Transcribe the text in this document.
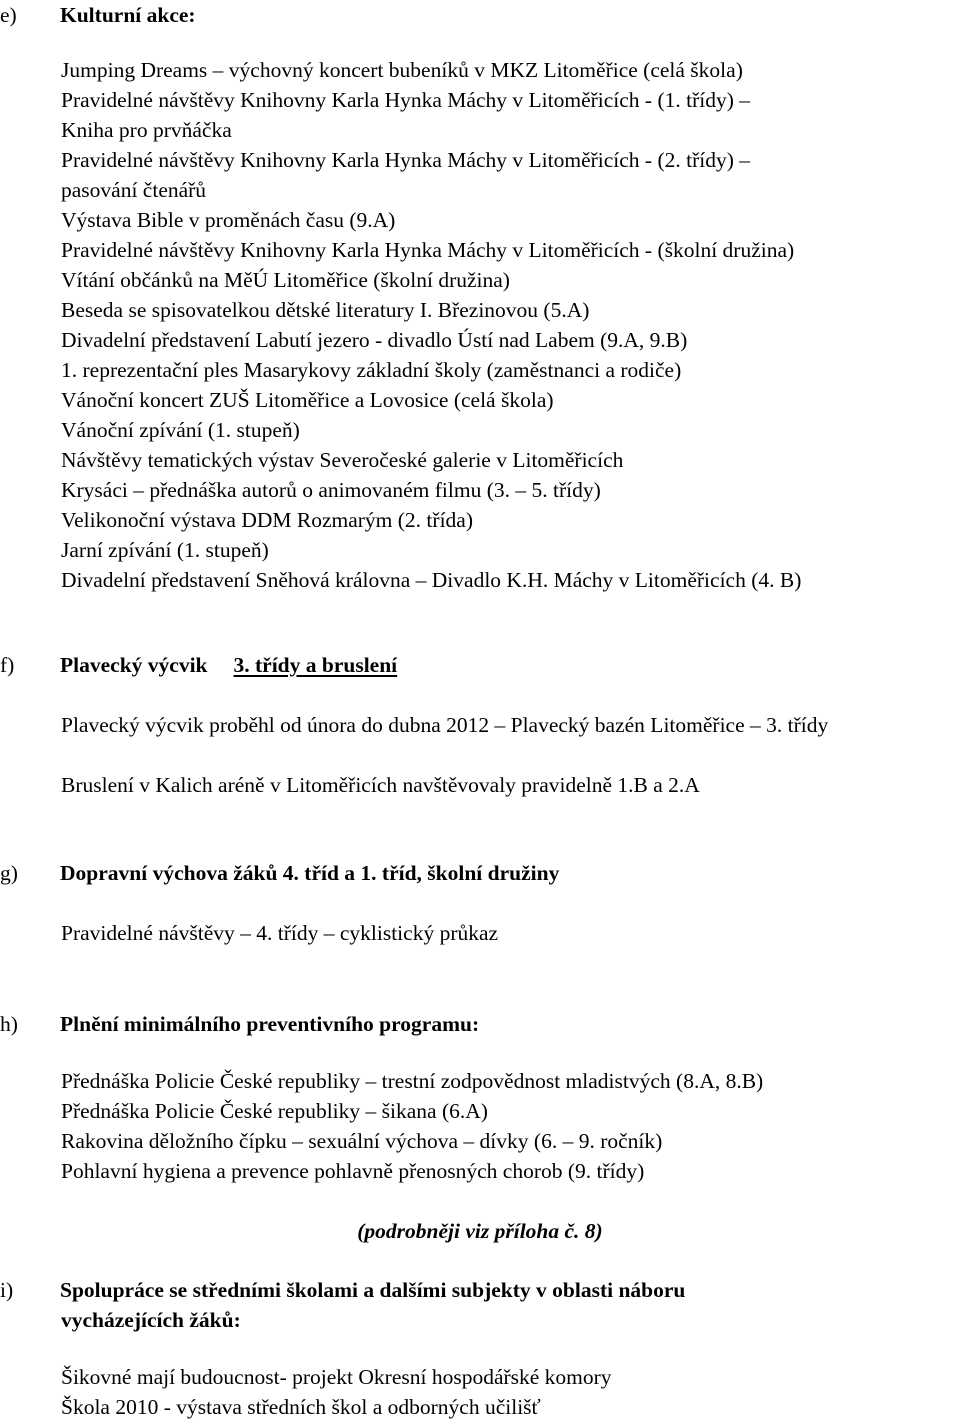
e) Kulturní akce:
Jumping Dreams – výchovný koncert bubeníků v MKZ Litoměřice (celá škola)
Pravidelné návštěvy Knihovny Karla Hynka Máchy v Litoměřicích - (1. třídy) –
Kniha pro prvňáčka
Pravidelné návštěvy Knihovny Karla Hynka Máchy v Litoměřicích - (2. třídy) –
pasování čtenářů
Výstava Bible v proměnách času (9.A)
Pravidelné návštěvy Knihovny Karla Hynka Máchy v Litoměřicích - (školní družina)
Vítání občánků na MěÚ Litoměřice (školní družina)
Beseda se spisovatelkou dětské literatury I. Březinovou (5.A)
Divadelní představení Labutí jezero - divadlo Ústí nad Labem (9.A, 9.B)
1. reprezentační ples Masarykovy základní školy (zaměstnanci a rodiče)
Vánoční koncert ZUŠ Litoměřice a Lovosice (celá škola)
Vánoční zpívání (1. stupeň)
Návštěvy tematických výstav Severočeské galerie v Litoměřicích
Krysáci – přednáška autorů o animovaném filmu (3. – 5. třídy)
Velikonoční výstava DDM Rozmarým (2. třída)
Jarní zpívání (1. stupeň)
Divadelní představení Sněhová královna – Divadlo K.H. Máchy v Litoměřicích (4. B)
f) Plavecký výcvik 3. třídy a bruslení
Plavecký výcvik proběhl od února do dubna 2012 – Plavecký bazén Litoměřice – 3. třídy
Bruslení v Kalich aréně v Litoměřicích navštěvovaly pravidelně 1.B a 2.A
g) Dopravní výchova žáků 4. tříd a 1. tříd, školní družiny
Pravidelné návštěvy – 4. třídy – cyklistický průkaz
h) Plnění minimálního preventivního programu:
Přednáška Policie České republiky – trestní zodpovědnost mladistvých (8.A, 8.B)
Přednáška Policie České republiky – šikana (6.A)
Rakovina děložního čípku – sexuální výchova – dívky (6. – 9. ročník)
Pohlavní hygiena a prevence pohlavně přenosných chorob (9. třídy)
(podrobněji viz příloha č. 8)
i) Spolupráce se středními školami a dalšími subjekty v oblasti náboru
vycházejících žáků:
Šikovné mají budoucnost- projekt Okresní hospodářské komory
Škola 2010 - výstava středních škol a odborných učilišť
